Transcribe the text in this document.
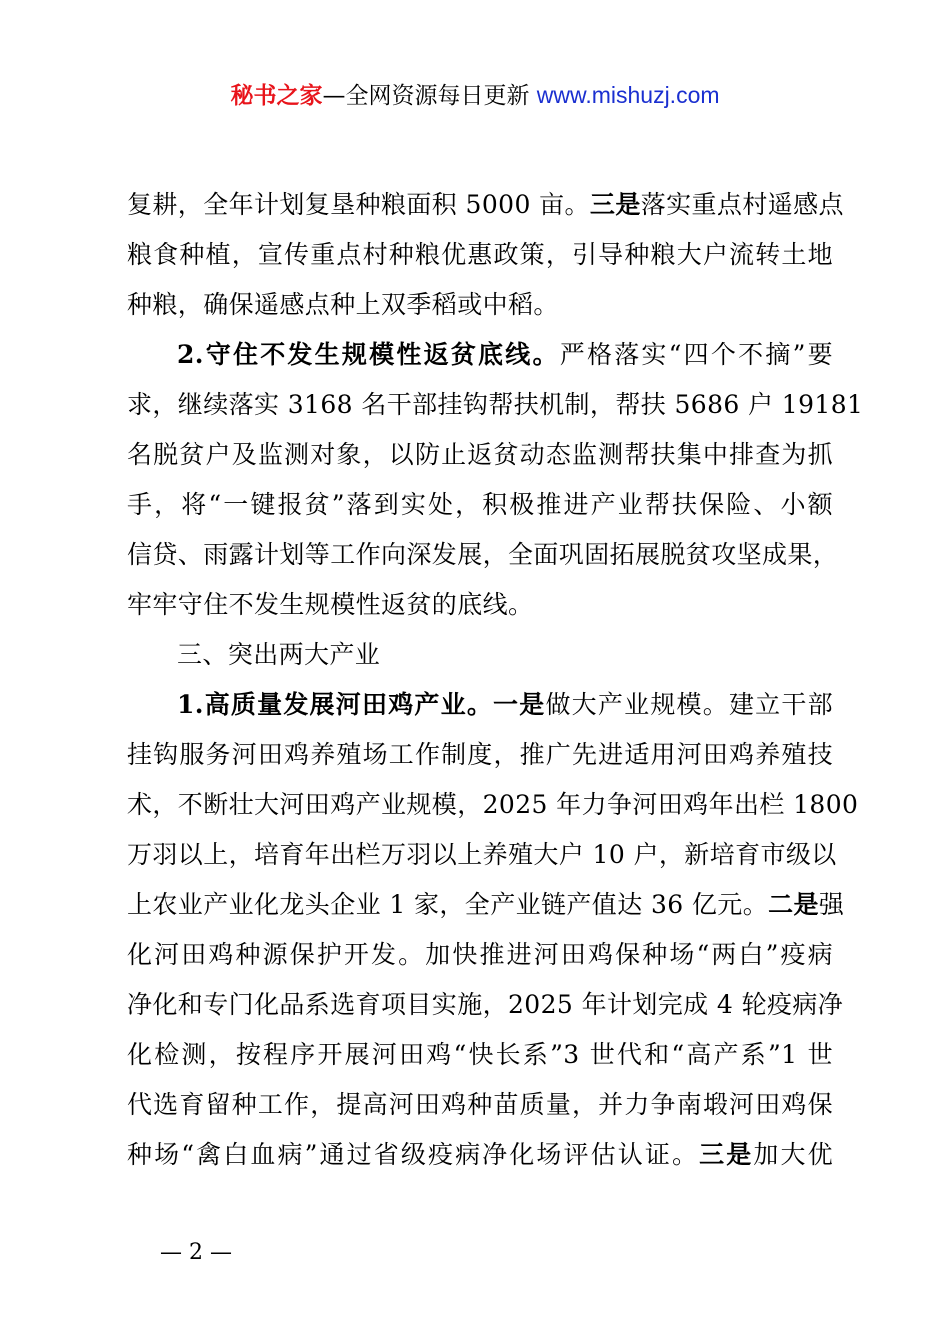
秘书之家—全网资源每日更新 www.mishuzj.com
复耕，全年计划复垦种粮面积 5000 亩。三是落实重点村遥感点
粮食种植，宣传重点村种粮优惠政策，引导种粮大户流转土地
种粮，确保遥感点种上双季稻或中稻。
2.守住不发生规模性返贫底线。严格落实“四个不摘”要
求，继续落实 3168 名干部挂钩帮扶机制，帮扶 5686 户 19181
名脱贫户及监测对象，以防止返贫动态监测帮扶集中排查为抓
手，将“一键报贫”落到实处，积极推进产业帮扶保险、小额
信贷、雨露计划等工作向深发展，全面巩固拓展脱贫攻坚成果，
牢牢守住不发生规模性返贫的底线。
三、突出两大产业
1.高质量发展河田鸡产业。一是做大产业规模。建立干部
挂钩服务河田鸡养殖场工作制度，推广先进适用河田鸡养殖技
术，不断壮大河田鸡产业规模，2025 年力争河田鸡年出栏 1800
万羽以上，培育年出栏万羽以上养殖大户 10 户，新培育市级以
上农业产业化龙头企业 1 家，全产业链产值达 36 亿元。二是强
化河田鸡种源保护开发。加快推进河田鸡保种场“两白”疫病
净化和专门化品系选育项目实施，2025 年计划完成 4 轮疫病净
化检测，按程序开展河田鸡“快长系”3 世代和“高产系”1 世
代选育留种工作，提高河田鸡种苗质量，并力争南塅河田鸡保
种场“禽白血病”通过省级疫病净化场评估认证。三是加大优
— 2 —
